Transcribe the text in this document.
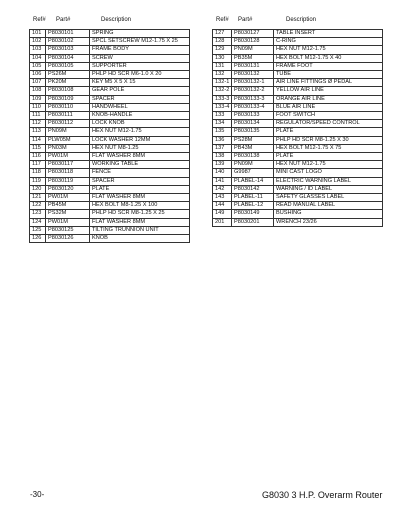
Ref# Part#	Description	Ref# Part#	Description
101	P8030101	SPRING
102	P8030102	SPCL SETSCREW M12-1.75 X 25
103	P8030103	FRAME BODY
104	P8030104	SCREW
105	P8030105	SUPPORTER
106	PS26M	PHLP HD SCR M6-1.0 X 20
107	PK20M	KEY M5 X 5 X 15
108	P8030108	GEAR POLE
109	P8030109	SPACER
110	P8030110	HANDWHEEL
111	P8030111	KNOB-HANDLE
112	P8030112	LOCK KNOB
113	PN09M	HEX NUT M12-1.75
114	PLW05M	LOCK WASHER 12MM
115	PN03M	HEX NUT M8-1.25
116	PW01M	FLAT WASHER 8MM
117	P8030117	WORKING TABLE
118	P8030118	FENCE
119	P8030119	SPACER
120	P8030120	PLATE
121	PW01M	FLAT WASHER 8MM
122	PB45M	HEX BOLT M8-1.25 X 100
123	PS32M	PHLP HD SCR M8-1.25 X 25
124	PW01M	FLAT WASHER 8MM
125	P8030125	TILTING TRUNNION UNIT
126	P8030126	KNOB
127	P8030127	TABLE INSERT
128	P8030128	C-RING
129	PN09M	HEX NUT M12-1.75
130	PB35M	HEX BOLT M12-1.75 X 40
131	P8030131	FRAME FOOT
132	P8030132	TUBE
132-1	P8030132-1	AIR LINE FITTINGS Ø PEDAL
132-2	P8030132-2	YELLOW AIR LINE
133-3	P8030133-3	ORANGE AIR LINE
133-4	P8030133-4	BLUE AIR LINE
133	P8030133	FOOT SWITCH
134	P8030134	REGULATOR/SPEED CONTROL
135	P8030135	PLATE
136	PS28M	PHLP HD SCR M8-1.25 X 30
137	PB43M	HEX BOLT M12-1.75 X 75
138	P8030138	PLATE
139	PN09M	HEX NUT M12-1.75
140	G9987	MINI CAST LOGO
141	PLABEL-14	ELECTRIC WARNING LABEL
142	P8030142	WARNING / ID LABEL
143	PLABEL-11	SAFETY GLASSES LABEL
144	PLABEL-12	READ MANUAL LABEL
149	P8030149	BUSHING
201	P8030201	WRENCH 23/26
-30-	G8030 3 H.P. Overarm Router
